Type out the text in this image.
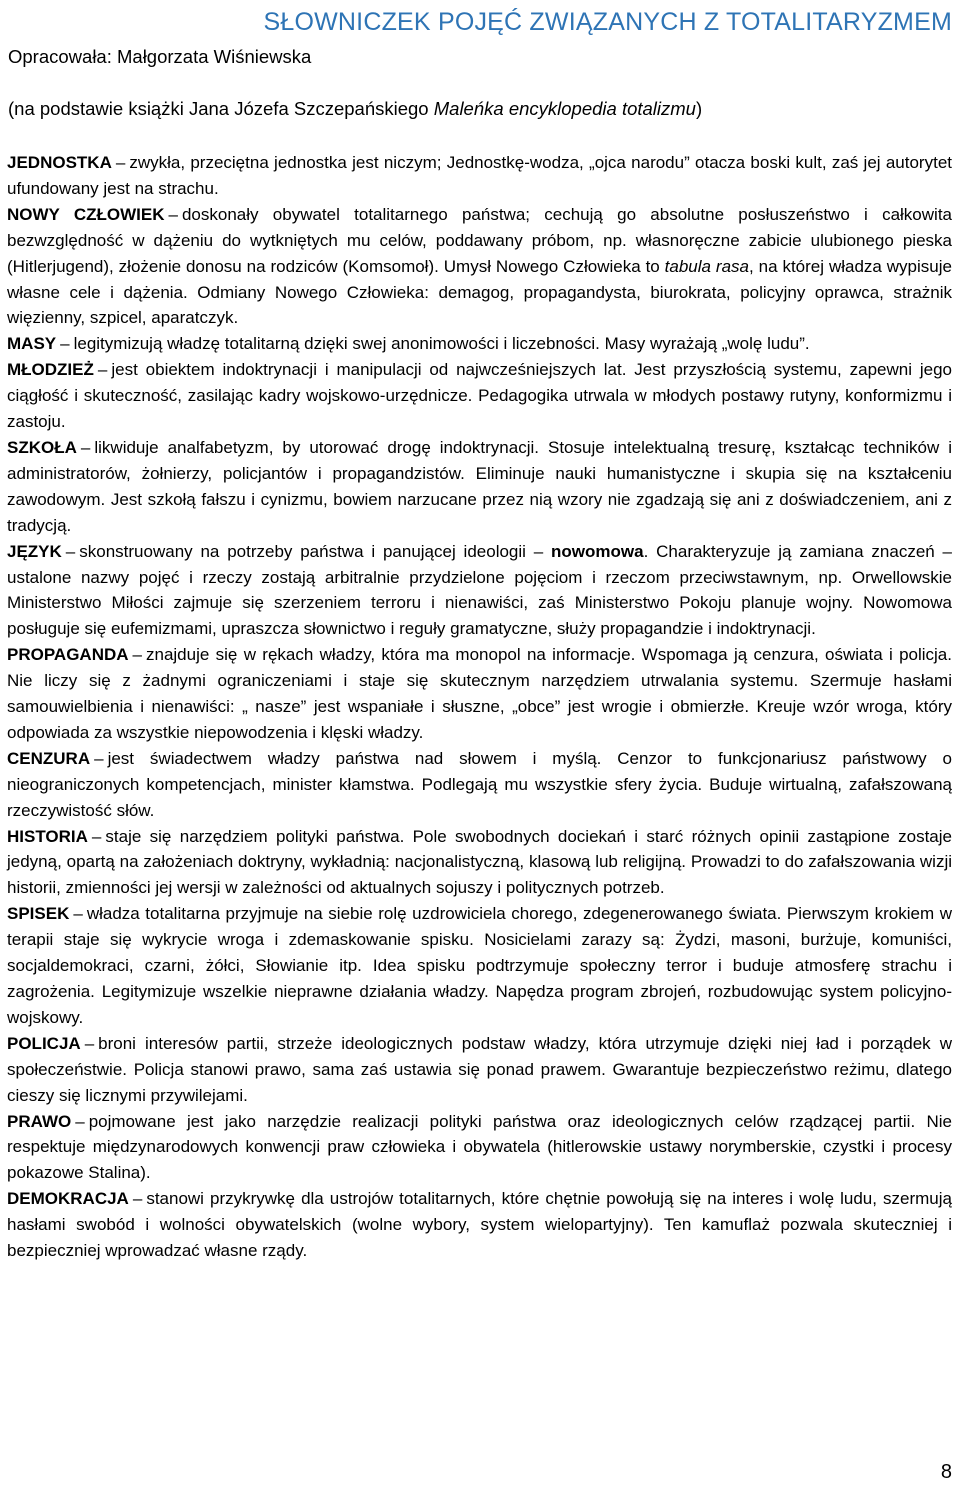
SŁOWNICZEK POJĘĆ ZWIĄZANYCH Z TOTALITARYZMEM
Opracowała: Małgorzata Wiśniewska
(na podstawie książki Jana Józefa Szczepańskiego Maleńka encyklopedia totalizmu)

JEDNOSTKA – zwykła, przeciętna jednostka jest niczym; Jednostkę-wodza, „ojca narodu” otacza boski kult, zaś jej autorytet ufundowany jest na strachu.

NOWY CZŁOWIEK – doskonały obywatel totalitarnego państwa; cechują go absolutne posłuszeństwo i całkowita bezwzględność w dążeniu do wytkniętych mu celów, poddawany próbom, np. własnoręczne zabicie ulubionego pieska (Hitlerjugend), złożenie donosu na rodziców (Komsomoł). Umysł Nowego Człowieka to tabula rasa, na której władza wypisuje własne cele i dążenia. Odmiany Nowego Człowieka: demagog, propagandysta, biurokrata, policyjny oprawca, strażnik więzienny, szpicel, aparatczyk.

MASY – legitymizują władzę totalitarną dzięki swej anonimowości i liczebności. Masy wyrażają „wolę ludu”.

MŁODZIEŻ – jest obiektem indoktrynacji i manipulacji od najwcześniejszych lat. Jest przyszłością systemu, zapewni jego ciągłość i skuteczność, zasilając kadry wojskowo-urzędnicze. Pedagogika utrwala w młodych postawy rutyny, konformizmu i zastoju.

SZKOŁA – likwiduje analfabetyzm, by utorować drogę indoktrynacji. Stosuje intelektualną tresurę, kształcąc techników i administratorów, żołnierzy, policjantów i propagandzistów. Eliminuje nauki humanistyczne i skupia się na kształceniu zawodowym. Jest szkołą fałszu i cynizmu, bowiem narzucane przez nią wzory nie zgadzają się ani z doświadczeniem, ani z tradycją.

JĘZYK – skonstruowany na potrzeby państwa i panującej ideologii – nowomowa. Charakteryzuje ją zamiana znaczeń – ustalone nazwy pojęć i rzeczy zostają arbitralnie przydzielone pojęciom i rzeczom przeciwstawnym, np. Orwellowskie Ministerstwo Miłości zajmuje się szerzeniem terroru i nienawiści, zaś Ministerstwo Pokoju planuje wojny. Nowomowa posługuje się eufemizmami, upraszcza słownictwo i reguły gramatyczne, służy propagandzie i indoktrynacji.

PROPAGANDA – znajduje się w rękach władzy, która ma monopol na informacje. Wspomaga ją cenzura, oświata i policja. Nie liczy się z żadnymi ograniczeniami i staje się skutecznym narzędziem utrwalania systemu. Szermuje hasłami samouwielbienia i nienawiści: „ nasze” jest wspaniałe i słuszne, „obce” jest wrogie i obmierzłe. Kreuje wzór wroga, który odpowiada za wszystkie niepowodzenia i klęski władzy.

CENZURA – jest świadectwem władzy państwa nad słowem i myślą. Cenzor to funkcjonariusz państwowy o nieograniczonych kompetencjach, minister kłamstwa. Podlegają mu wszystkie sfery życia. Buduje wirtualną, zafałszowaną rzeczywistość słów.

HISTORIA – staje się narzędziem polityki państwa. Pole swobodnych dociekań i starć różnych opinii zastąpione zostaje jedyną, opartą na założeniach doktryny, wykładnią: nacjonalistyczną, klasową lub religijną. Prowadzi to do zafałszowania wizji historii, zmienności jej wersji w zależności od aktualnych sojuszy i politycznych potrzeb.

SPISEK – władza totalitarna przyjmuje na siebie rolę uzdrowiciela chorego, zdegenerowanego świata. Pierwszym krokiem w terapii staje się wykrycie wroga i zdemaskowanie spisku. Nosicielami zarazy są: Żydzi, masoni, burżuje, komuniści, socjaldemokraci, czarni, żółci, Słowianie itp. Idea spisku podtrzymuje społeczny terror i buduje atmosferę strachu i zagrożenia. Legitymizuje wszelkie nieprawne działania władzy. Napędza program zbrojeń, rozbudowując system policyjno-wojskowy.

POLICJA – broni interesów partii, strzeże ideologicznych podstaw władzy, która utrzymuje dzięki niej ład i porządek w społeczeństwie. Policja stanowi prawo, sama zaś ustawia się ponad prawem. Gwarantuje bezpieczeństwo reżimu, dlatego cieszy się licznymi przywilejami.

PRAWO – pojmowane jest jako narzędzie realizacji polityki państwa oraz ideologicznych celów rządzącej partii. Nie respektuje międzynarodowych konwencji praw człowieka i obywatela (hitlerowskie ustawy norymberskie, czystki i procesy pokazowe Stalina).

DEMOKRACJA – stanowi przykrywkę dla ustrojów totalitarnych, które chętnie powołują się na interes i wolę ludu, szermują hasłami swobód i wolności obywatelskich (wolne wybory, system wielopartyjny). Ten kamuflaż pozwala skuteczniej i bezpieczniej wprowadzać własne rządy.

8
